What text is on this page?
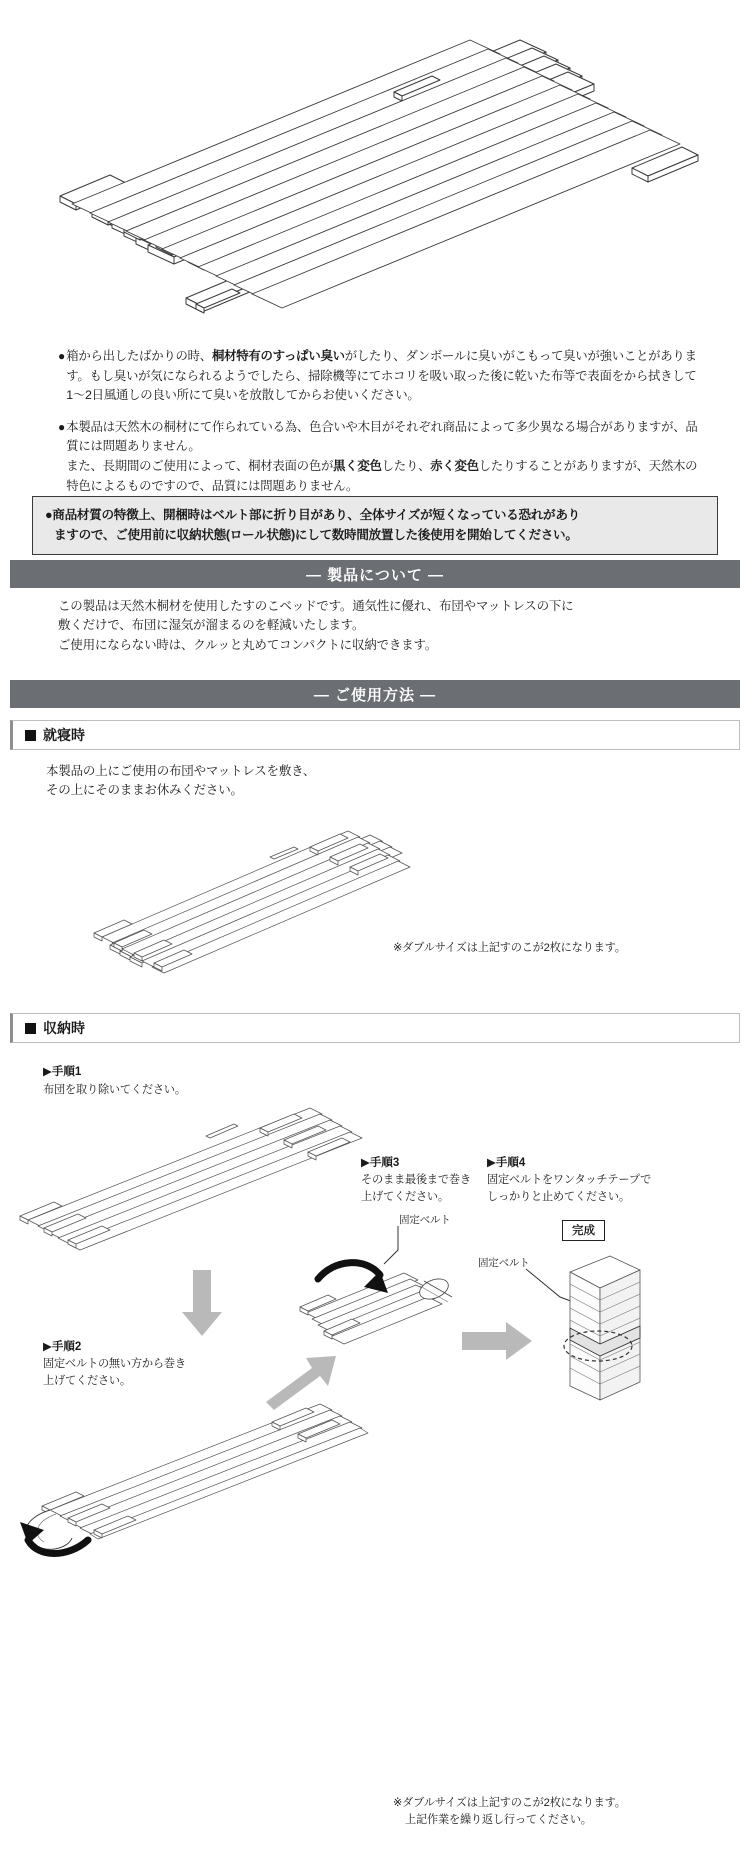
● 箱から出したばかりの時、桐材特有のすっぱい臭いがしたり、ダンボールに臭いがこもって臭いが強いことがあります。もし臭いが気になられるようでしたら、掃除機等にてホコリを吸い取った後に乾いた布等で表面をから拭きして1〜2日風通しの良い所にて臭いを放散してからお使いください。
● 本製品は天然木の桐材にて作られている為、色合いや木目がそれぞれ商品によって多少異なる場合がありますが、品質には問題ありません。
また、長期間のご使用によって、桐材表面の色が黒く変色したり、赤く変色したりすることがありますが、天然木の特色によるものですので、品質には問題ありません。
●商品材質の特徴上、開梱時はベルト部に折り目があり、全体サイズが短くなっている恐れがあり
ますので、ご使用前に収納状態(ロール状態)にして数時間放置した後使用を開始してください。
― 製品について ―
この製品は天然木桐材を使用したすのこベッドです。通気性に優れ、布団やマットレスの下に
敷くだけで、布団に湿気が溜まるのを軽減いたします。
ご使用にならない時は、クルッと丸めてコンパクトに収納できます。
― ご使用方法 ―
就寝時
本製品の上にご使用の布団やマットレスを敷き、
その上にそのままお休みください。
※ダブルサイズは上記すのこが2枚になります。
収納時
▶手順1
布団を取り除いてください。
▶手順3
そのまま最後まで巻き
上げてください。
▶手順4
固定ベルトをワンタッチテープで
しっかりと止めてください。
固定ベルト
固定ベルト
完成
▶手順2
固定ベルトの無い方から巻き
上げてください。
※ダブルサイズは上記すのこが2枚になります。
上記作業を繰り返し行ってください。
